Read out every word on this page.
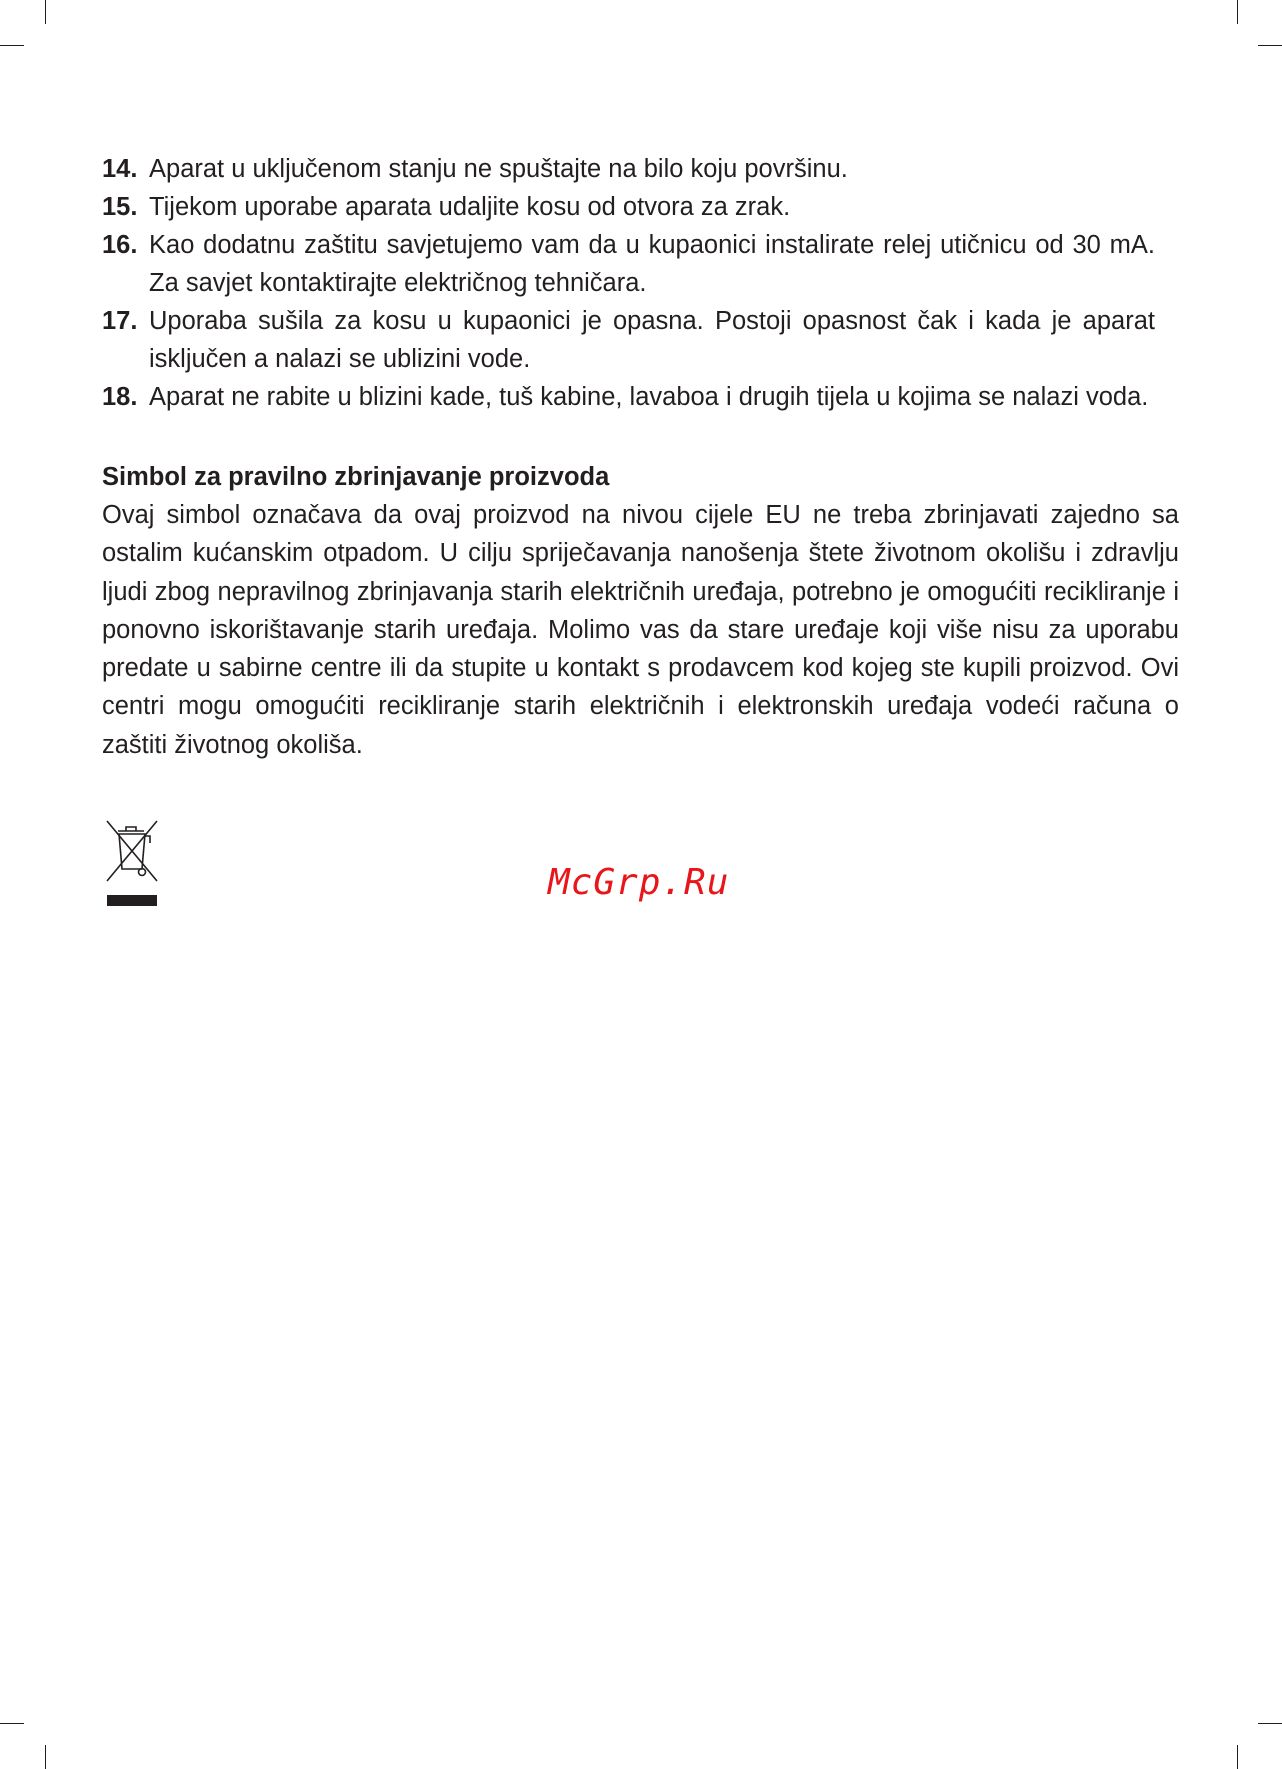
14. Aparat u uključenom stanju ne spuštajte na bilo koju površinu.
15. Tijekom uporabe aparata udaljite kosu od otvora za zrak.
16. Kao dodatnu zaštitu savjetujemo vam da u kupaonici instalirate relej utičnicu od 30 mA. Za savjet kontaktirajte električnog tehničara.
17. Uporaba sušila za kosu u kupaonici je opasna. Postoji opasnost čak i kada je aparat isključen a nalazi se ublizini vode.
18. Aparat ne rabite u blizini kade, tuš kabine, lavaboa i drugih tijela u kojima se nalazi voda.
Simbol za pravilno zbrinjavanje proizvoda

Ovaj simbol označava da ovaj proizvod na nivou cijele EU ne treba zbrinjavati zajedno sa ostalim kućanskim otpadom. U cilju spriječavanja nanošenja štete životnom okolišu i zdravlju ljudi zbog nepravilnog zbrinjavanja starih električnih uređaja, potrebno je omogućiti recikliranje i ponovno iskorištavanje starih uređaja. Molimo vas da stare uređaje koji više nisu za uporabu predate u sabirne centre ili da stupite u kontakt s prodavcem kod kojeg ste kupili proizvod. Ovi centri mogu omogućiti recikliranje starih električnih i elektronskih uređaja vodeći računa o zaštiti životnog okoliša.

McGrp.Ru
